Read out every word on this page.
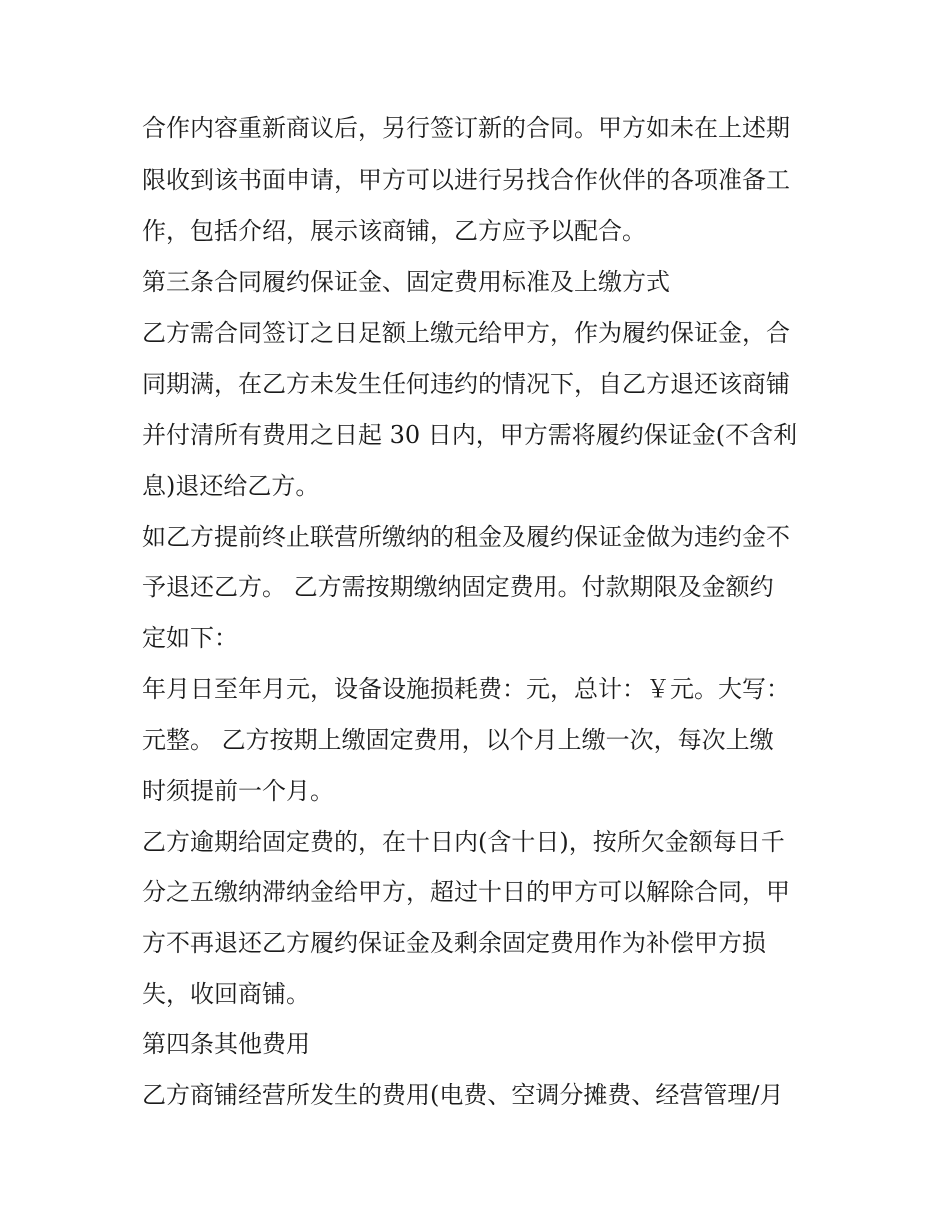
合作内容重新商议后，另行签订新的合同。甲方如未在上述期
限收到该书面申请，甲方可以进行另找合作伙伴的各项准备工
作，包括介绍，展示该商铺，乙方应予以配合。
第三条合同履约保证金、固定费用标准及上缴方式
乙方需合同签订之日足额上缴元给甲方，作为履约保证金，合
同期满，在乙方未发生任何违约的情况下，自乙方退还该商铺
并付清所有费用之日起 30 日内，甲方需将履约保证金(不含利
息)退还给乙方。
如乙方提前终止联营所缴纳的租金及履约保证金做为违约金不
予退还乙方。 乙方需按期缴纳固定费用。付款期限及金额约
定如下：
年月日至年月元，设备设施损耗费：元，总计：￥元。大写：
元整。 乙方按期上缴固定费用，以个月上缴一次，每次上缴
时须提前一个月。
乙方逾期给固定费的，在十日内(含十日)，按所欠金额每日千
分之五缴纳滞纳金给甲方，超过十日的甲方可以解除合同，甲
方不再退还乙方履约保证金及剩余固定费用作为补偿甲方损
失，收回商铺。
第四条其他费用
乙方商铺经营所发生的费用(电费、空调分摊费、经营管理/月
